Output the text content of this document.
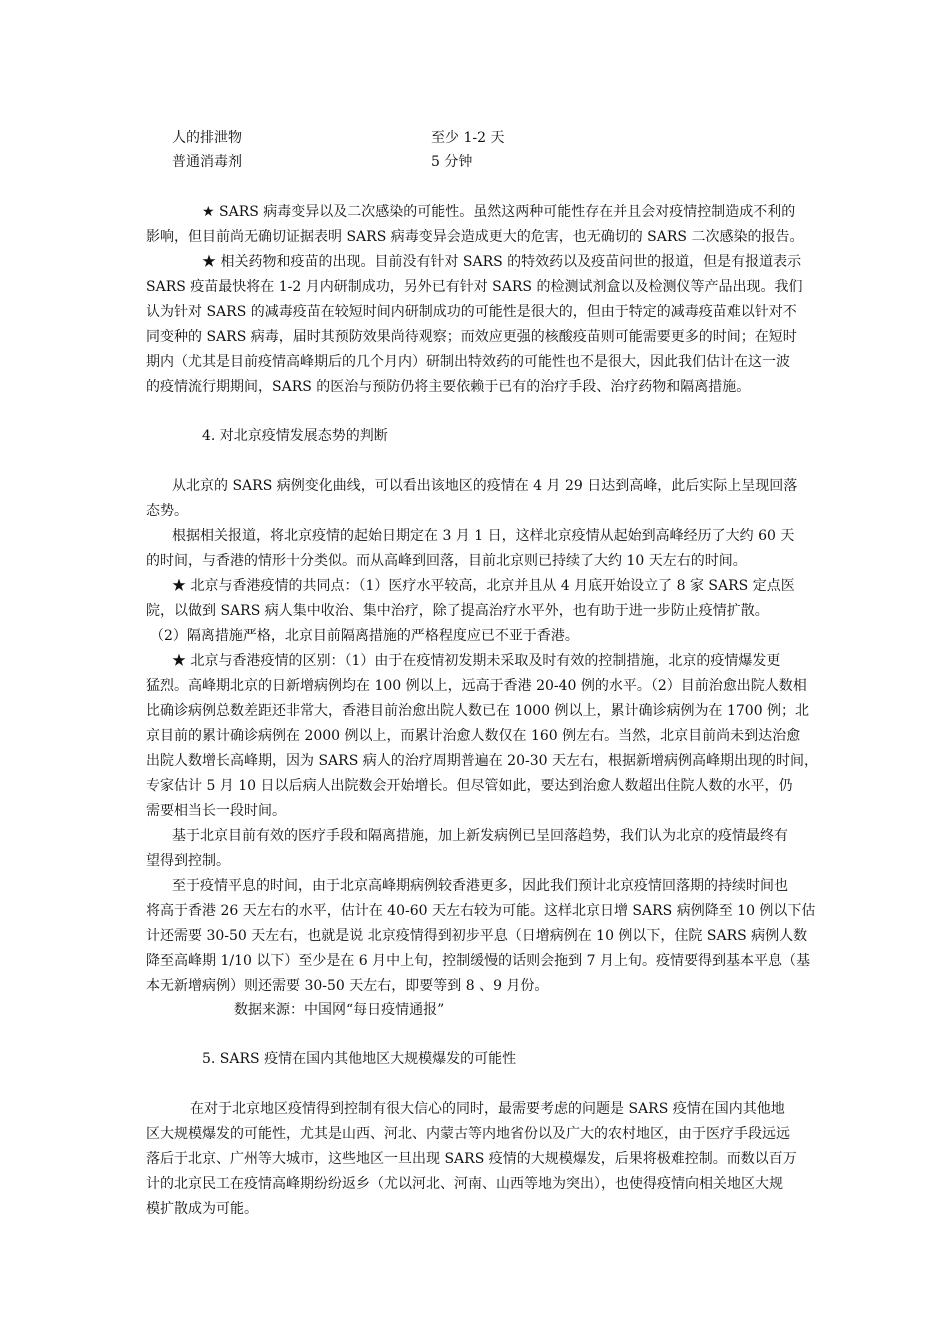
人的排泄物	至少 1-2 天
普通消毒剂	5 分钟
★ SARS 病毒变异以及二次感染的可能性。虽然这两种可能性存在并且会对疫情控制造成不利的
影响，但目前尚无确切证据表明 SARS 病毒变异会造成更大的危害，也无确切的 SARS 二次感染的报告。
★ 相关药物和疫苗的出现。目前没有针对 SARS 的特效药以及疫苗问世的报道，但是有报道表示
SARS 疫苗最快将在 1-2 月内研制成功，另外已有针对 SARS 的检测试剂盒以及检测仪等产品出现。我们
认为针对 SARS 的减毒疫苗在较短时间内研制成功的可能性是很大的，但由于特定的减毒疫苗难以针对不
同变种的 SARS 病毒，届时其预防效果尚待观察；而效应更强的核酸疫苗则可能需要更多的时间；在短时
期内（尤其是目前疫情高峰期后的几个月内）研制出特效药的可能性也不是很大，因此我们估计在这一波
的疫情流行期期间，SARS 的医治与预防仍将主要依赖于已有的治疗手段、治疗药物和隔离措施。
4. 对北京疫情发展态势的判断
从北京的 SARS 病例变化曲线，可以看出该地区的疫情在 4 月 29 日达到高峰，此后实际上呈现回落
态势。
根据相关报道，将北京疫情的起始日期定在 3 月 1 日，这样北京疫情从起始到高峰经历了大约 60 天
的时间，与香港的情形十分类似。而从高峰到回落，目前北京则已持续了大约 10 天左右的时间。
★ 北京与香港疫情的共同点：（1）医疗水平较高，北京并且从 4 月底开始设立了 8 家 SARS 定点医
院，以做到 SARS 病人集中收治、集中治疗，除了提高治疗水平外，也有助于进一步防止疫情扩散。
（2）隔离措施严格，北京目前隔离措施的严格程度应已不亚于香港。
★ 北京与香港疫情的区别：（1）由于在疫情初发期未采取及时有效的控制措施，北京的疫情爆发更
猛烈。高峰期北京的日新增病例均在 100 例以上，远高于香港 20-40 例的水平。（2）目前治愈出院人数相
比确诊病例总数差距还非常大，香港目前治愈出院人数已在 1000 例以上，累计确诊病例为在 1700 例；北
京目前的累计确诊病例在 2000 例以上，而累计治愈人数仅在 160 例左右。当然，北京目前尚未到达治愈
出院人数增长高峰期，因为 SARS 病人的治疗周期普遍在 20-30 天左右，根据新增病例高峰期出现的时间，
专家估计 5 月 10 日以后病人出院数会开始增长。但尽管如此，要达到治愈人数超出住院人数的水平，仍
需要相当长一段时间。
基于北京目前有效的医疗手段和隔离措施，加上新发病例已呈回落趋势，我们认为北京的疫情最终有
望得到控制。
至于疫情平息的时间，由于北京高峰期病例较香港更多，因此我们预计北京疫情回落期的持续时间也
将高于香港 26 天左右的水平，估计在 40-60 天左右较为可能。这样北京日增 SARS 病例降至 10 例以下估
计还需要 30-50 天左右，也就是说 北京疫情得到初步平息（日增病例在 10 例以下，住院 SARS 病例人数
降至高峰期 1/10 以下）至少是在 6 月中上旬，控制缓慢的话则会拖到 7 月上旬。疫情要得到基本平息（基
本无新增病例）则还需要 30-50 天左右，即要等到 8 、9 月份。
数据来源：中国网“每日疫情通报”
5. SARS 疫情在国内其他地区大规模爆发的可能性
在对于北京地区疫情得到控制有很大信心的同时，最需要考虑的问题是 SARS 疫情在国内其他地
区大规模爆发的可能性，尤其是山西、河北、内蒙古等内地省份以及广大的农村地区，由于医疗手段远远
落后于北京、广州等大城市，这些地区一旦出现 SARS 疫情的大规模爆发，后果将极难控制。而数以百万
计的北京民工在疫情高峰期纷纷返乡（尤以河北、河南、山西等地为突出），也使得疫情向相关地区大规
模扩散成为可能。
